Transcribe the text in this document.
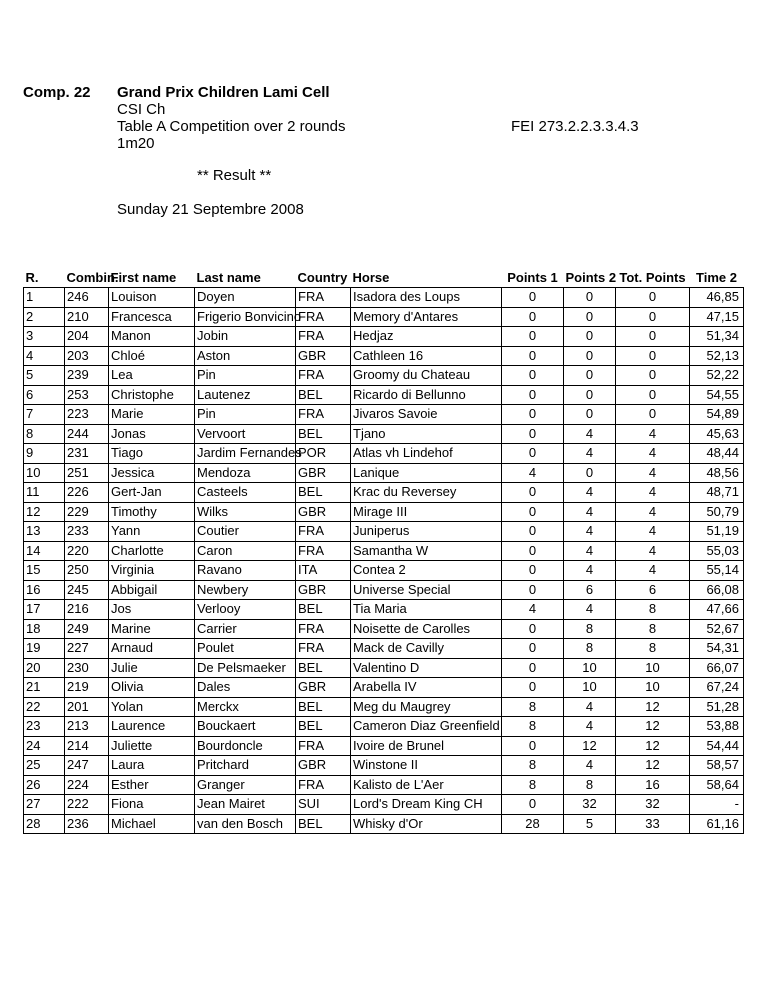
Comp. 22 Grand Prix Children Lami Cell
CSI Ch
Table A Competition over 2 rounds
1m20
FEI 273.2.2.3.3.4.3
** Result **
Sunday 21 Septembre 2008
R.	Combin.	First name	Last name	Country	Horse	Points 1	Points 2	Tot. Points	Time 2
1	246	Louison	Doyen	FRA	Isadora des Loups	0	0	0	46,85
2	210	Francesca	Frigerio Bonvicino	FRA	Memory d'Antares	0	0	0	47,15
3	204	Manon	Jobin	FRA	Hedjaz	0	0	0	51,34
4	203	Chloé	Aston	GBR	Cathleen 16	0	0	0	52,13
5	239	Lea	Pin	FRA	Groomy du Chateau	0	0	0	52,22
6	253	Christophe	Lautenez	BEL	Ricardo di Bellunno	0	0	0	54,55
7	223	Marie	Pin	FRA	Jivaros Savoie	0	0	0	54,89
8	244	Jonas	Vervoort	BEL	Tjano	0	4	4	45,63
9	231	Tiago	Jardim Fernandes	POR	Atlas vh Lindehof	0	4	4	48,44
10	251	Jessica	Mendoza	GBR	Lanique	4	0	4	48,56
11	226	Gert-Jan	Casteels	BEL	Krac du Reversey	0	4	4	48,71
12	229	Timothy	Wilks	GBR	Mirage III	0	4	4	50,79
13	233	Yann	Coutier	FRA	Juniperus	0	4	4	51,19
14	220	Charlotte	Caron	FRA	Samantha W	0	4	4	55,03
15	250	Virginia	Ravano	ITA	Contea 2	0	4	4	55,14
16	245	Abbigail	Newbery	GBR	Universe Special	0	6	6	66,08
17	216	Jos	Verlooy	BEL	Tia Maria	4	4	8	47,66
18	249	Marine	Carrier	FRA	Noisette de Carolles	0	8	8	52,67
19	227	Arnaud	Poulet	FRA	Mack de Cavilly	0	8	8	54,31
20	230	Julie	De Pelsmaeker	BEL	Valentino D	0	10	10	66,07
21	219	Olivia	Dales	GBR	Arabella IV	0	10	10	67,24
22	201	Yolan	Merckx	BEL	Meg du Maugrey	8	4	12	51,28
23	213	Laurence	Bouckaert	BEL	Cameron Diaz Greenfield	8	4	12	53,88
24	214	Juliette	Bourdoncle	FRA	Ivoire de Brunel	0	12	12	54,44
25	247	Laura	Pritchard	GBR	Winstone II	8	4	12	58,57
26	224	Esther	Granger	FRA	Kalisto de L'Aer	8	8	16	58,64
27	222	Fiona	Jean Mairet	SUI	Lord's Dream King CH	0	32	32	-
28	236	Michael	van den Bosch	BEL	Whisky d'Or	28	5	33	61,16
